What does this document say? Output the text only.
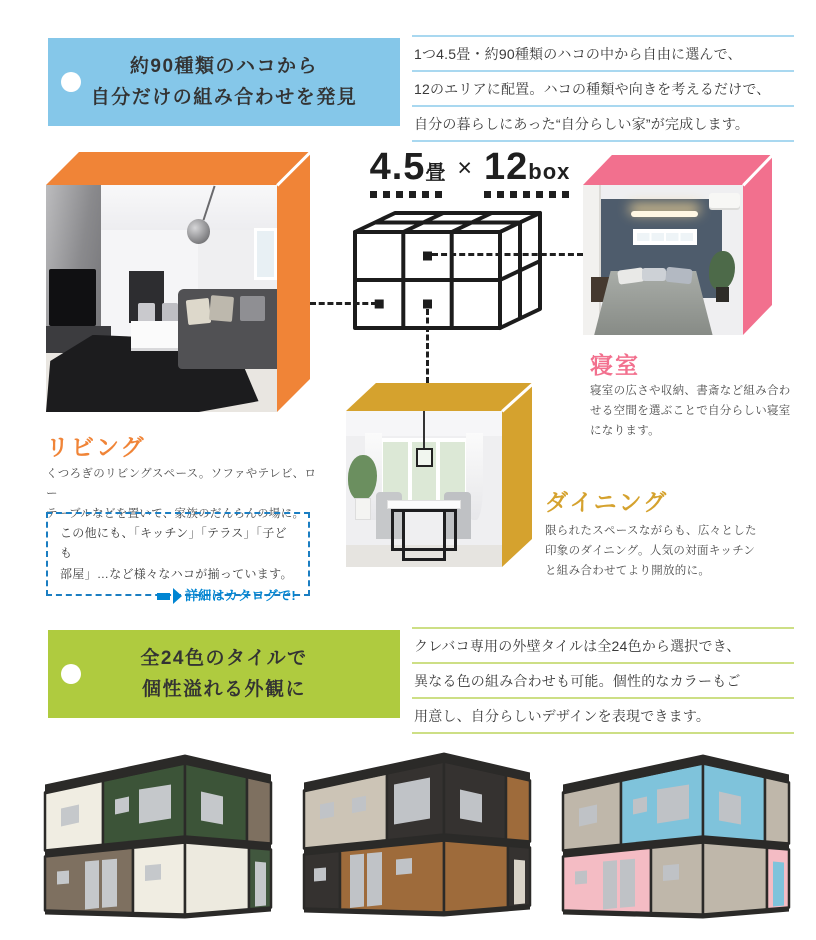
約90種類のハコから
自分だけの組み合わせを発見

1つ4.5畳・約90種類のハコの中から自由に選んで、

12のエリアに配置。ハコの種類や向きを考えるだけで、

自分の暮らしにあった“自分らしい家”が完成します。

4.5畳 × 12box
リビング
くつろぎのリビングスペース。ソファやテレビ、ロー
テーブルなどを置いて、家族のだんらんの場に。
寝室
寝室の広さや収納、書斎など組み合わ
せる空間を選ぶことで自分らしい寝室
になります。
ダイニング
限られたスペースながらも、広々とした
印象のダイニング。人気の対面キッチン
と組み合わせてより開放的に。
この他にも、「キッチン」「テラス」「子ども
部屋」…など様々なハコが揃っています。
詳細はカタログで!
全24色のタイルで
個性溢れる外観に

クレバコ専用の外壁タイルは全24色から選択でき、

異なる色の組み合わせも可能。個性的なカラーもご

用意し、自分らしいデザインを表現できます。
